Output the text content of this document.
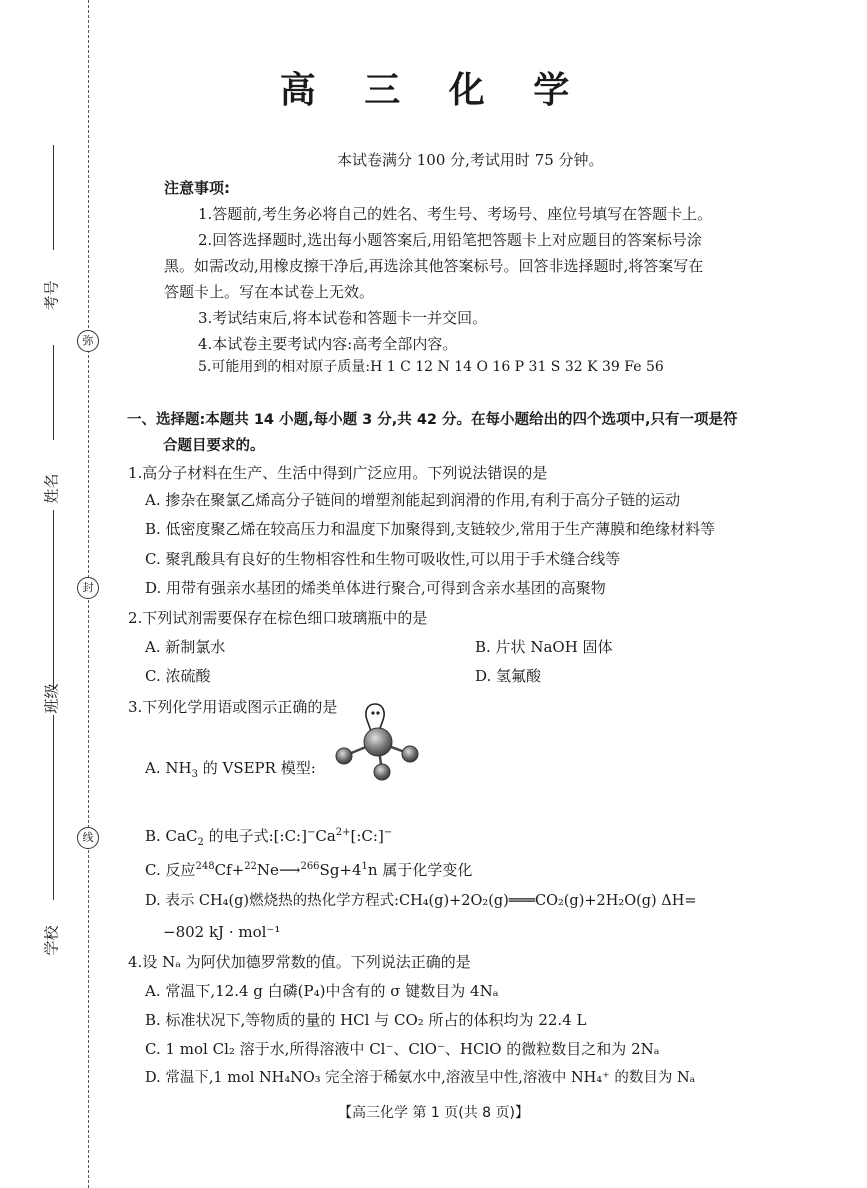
考号
弥
姓名
封
班级
线
学校
高 三 化 学
本试卷满分 100 分,考试用时 75 分钟。
注意事项:
1.答题前,考生务必将自己的姓名、考生号、考场号、座位号填写在答题卡上。
2.回答选择题时,选出每小题答案后,用铅笔把答题卡上对应题目的答案标号涂
黑。如需改动,用橡皮擦干净后,再选涂其他答案标号。回答非选择题时,将答案写在
答题卡上。写在本试卷上无效。
3.考试结束后,将本试卷和答题卡一并交回。
4.本试卷主要考试内容:高考全部内容。
5.可能用到的相对原子质量:H 1 C 12 N 14 O 16 P 31 S 32 K 39 Fe 56
一、选择题:本题共 14 小题,每小题 3 分,共 42 分。在每小题给出的四个选项中,只有一项是符
合题目要求的。
1.高分子材料在生产、生活中得到广泛应用。下列说法错误的是
A. 掺杂在聚氯乙烯高分子链间的增塑剂能起到润滑的作用,有利于高分子链的运动
B. 低密度聚乙烯在较高压力和温度下加聚得到,支链较少,常用于生产薄膜和绝缘材料等
C. 聚乳酸具有良好的生物相容性和生物可吸收性,可以用于手术缝合线等
D. 用带有强亲水基团的烯类单体进行聚合,可得到含亲水基团的高聚物
2.下列试剂需要保存在棕色细口玻璃瓶中的是
A. 新制氯水	B. 片状 NaOH 固体
C. 浓硫酸	D. 氢氟酸
3.下列化学用语或图示正确的是
A. $NH_3$ 的 VSEPR 模型:
B. CaC$_2$ 的电子式$:[:C:]^-Ca^{2+}[:C:]^-$
C. 反应$^{248}Cf+^{22}Ne⟶^{266}Sg+4^1n$ 属于化学变化
D. 表示 CH₄(g)燃烧热的热化学方程式:CH₄(g)+2O₂(g)═══CO₂(g)+2H₂O(g) ΔH=
−802 kJ · mol⁻¹
4.设 Nₐ 为阿伏加德罗常数的值。下列说法正确的是
A. 常温下,12.4 g 白磷(P₄)中含有的 σ 键数目为 4Nₐ
B. 标准状况下,等物质的量的 HCl 与 CO₂ 所占的体积均为 22.4 L
C. 1 mol Cl₂ 溶于水,所得溶液中 Cl⁻、ClO⁻、HClO 的微粒数目之和为 2Nₐ
D. 常温下,1 mol NH₄NO₃ 完全溶于稀氨水中,溶液呈中性,溶液中 NH₄⁺ 的数目为 Nₐ
【高三化学 第 1 页(共 8 页)】
